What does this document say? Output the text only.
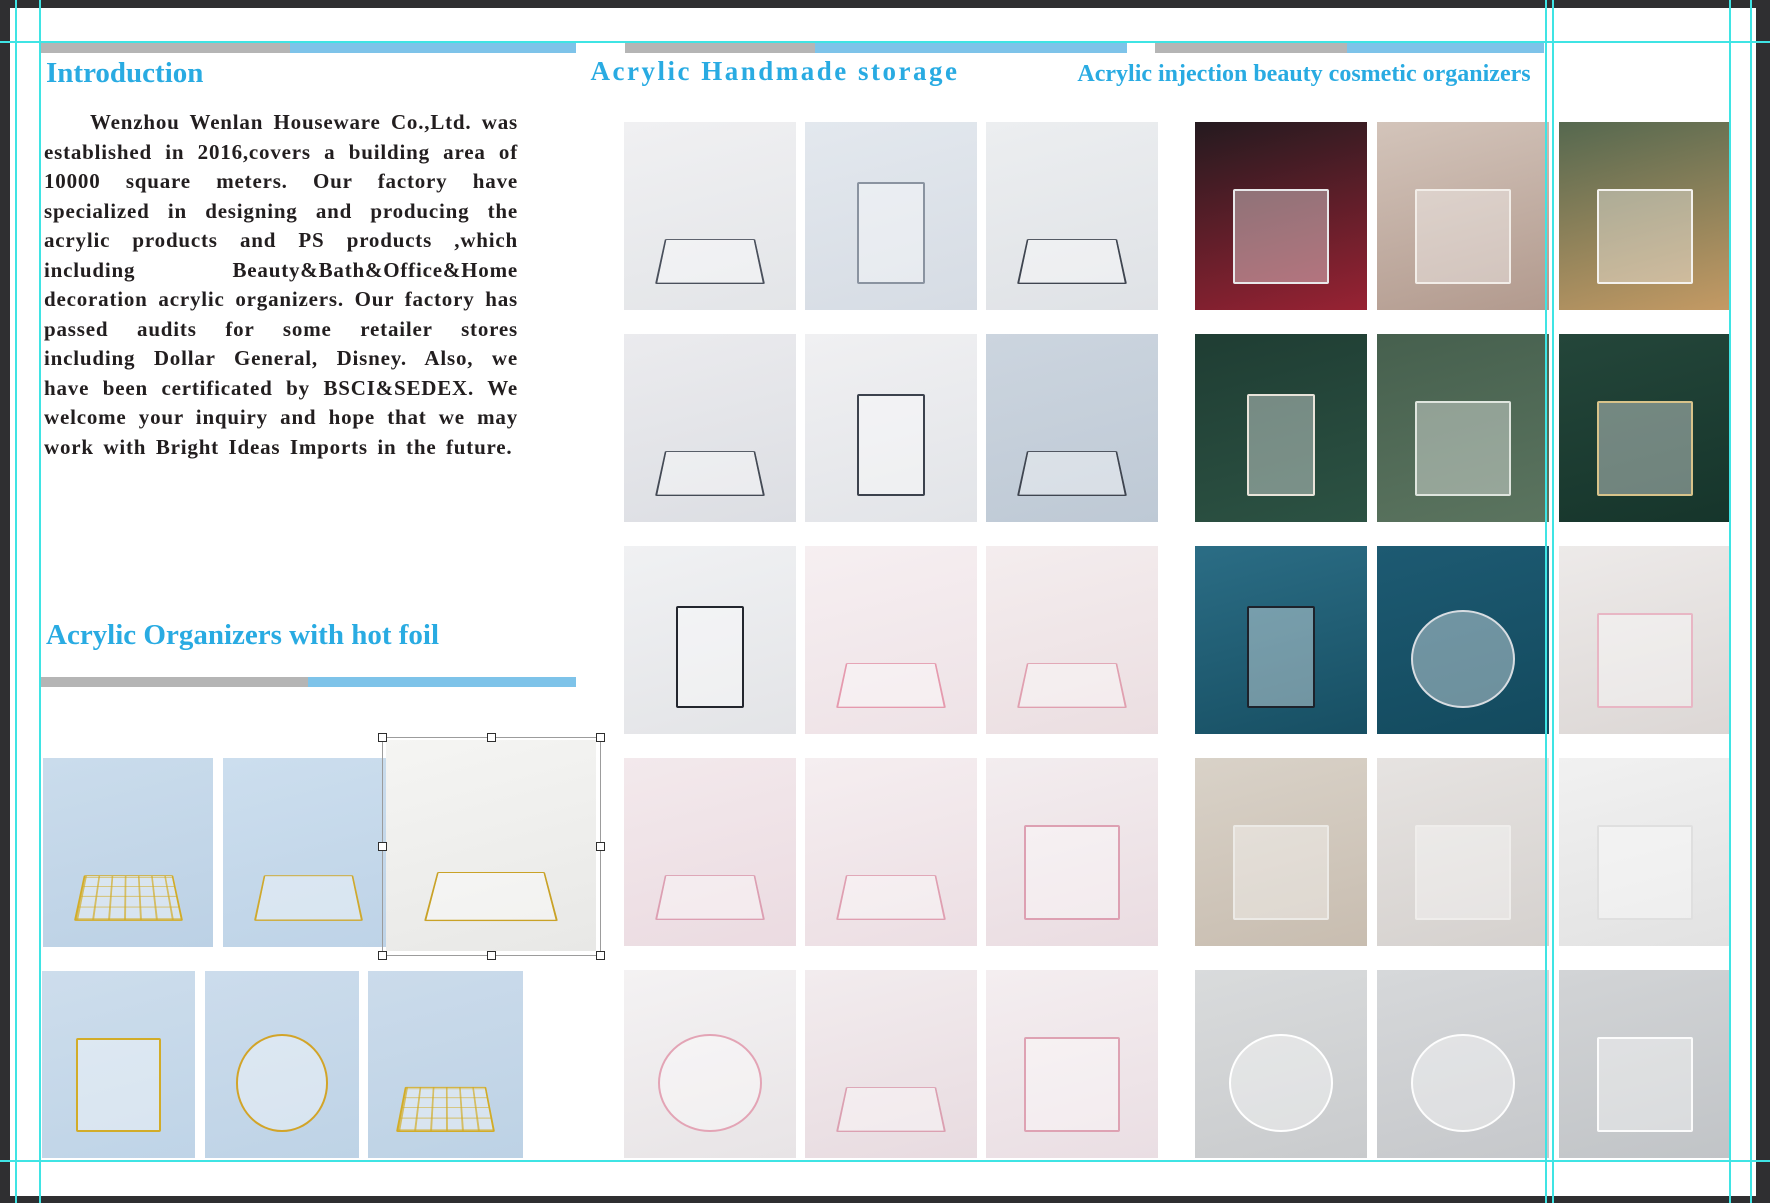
Introduction
Wenzhou Wenlan Houseware Co.,Ltd. was established in 2016,covers a building area of 10000 square meters. Our factory have specialized in designing and producing the acrylic products and PS products ,which including Beauty&Bath&Office&Home decoration acrylic organizers. Our factory has passed audits for some retailer stores including Dollar General, Disney. Also, we have been certificated by BSCI&SEDEX. We welcome your inquiry and hope that we may work with Bright Ideas Imports in the future.
Acrylic Organizers with hot foil
Acrylic Handmade storage	Acrylic injection beauty cosmetic organizers
